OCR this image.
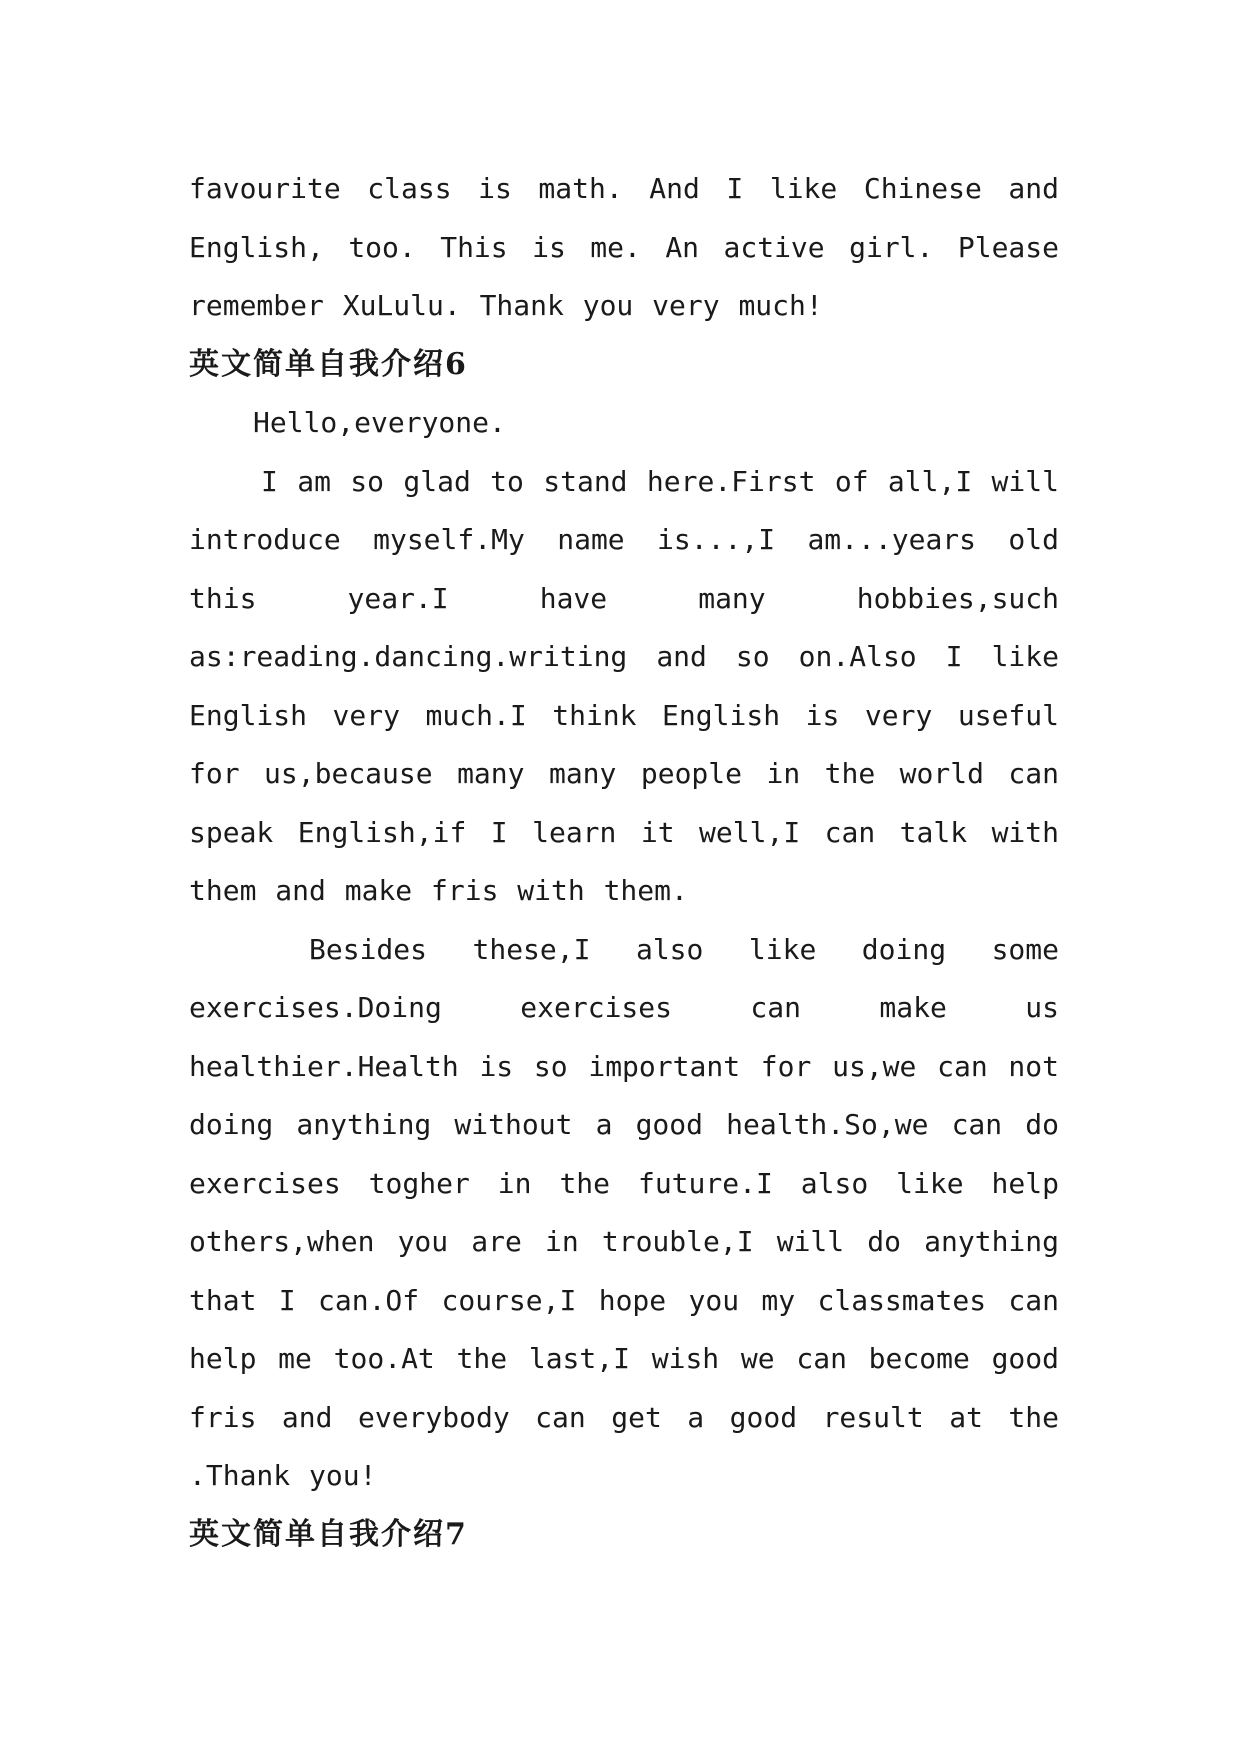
favourite class is math. And I like Chinese and English, too. This is me. An active girl. Please remember XuLulu. Thank you very much!

英文简单自我介绍6

Hello,everyone.

I am so glad to stand here.First of all,I will introduce myself.My name is...,I am...years old this year.I have many hobbies,such as:reading.dancing.writing and so on.Also I like English very much.I think English is very useful for us,because many many people in the world can speak English,if I learn it well,I can talk with them and make fris with them.

Besides these,I also like doing some exercises.Doing exercises can make us healthier.Health is so important for us,we can not doing anything without a good health.So,we can do exercises togher in the future.I also like help others,when you are in trouble,I will do anything that I can.Of course,I hope you my classmates can help me too.At the last,I wish we can become good fris and everybody can get a good result at the .Thank you!

英文简单自我介绍7
